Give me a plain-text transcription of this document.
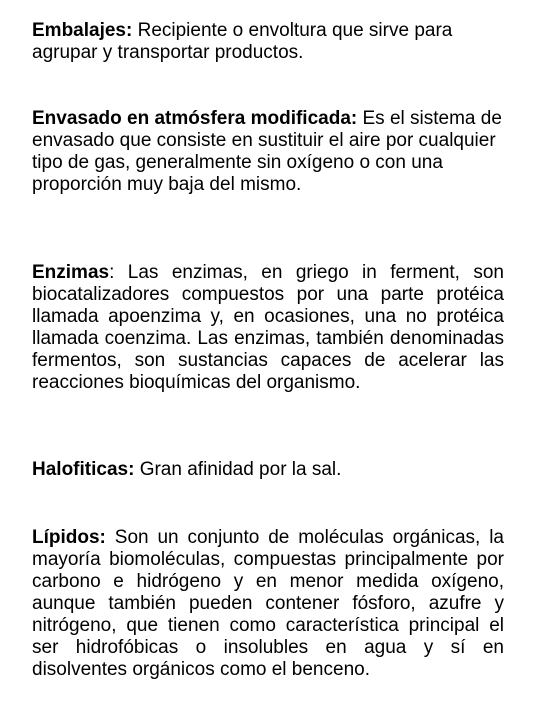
Embalajes: Recipiente o envoltura que sirve para agrupar y transportar productos.

Envasado en atmósfera modificada: Es el sistema de envasado que consiste en sustituir el aire por cualquier tipo de gas, generalmente sin oxígeno o con una proporción muy baja del mismo.

Enzimas: Las enzimas, en griego in ferment, son biocatalizadores compuestos por una parte protéica llamada apoenzima y, en ocasiones, una no protéica llamada coenzima. Las enzimas, también denominadas fermentos, son sustancias capaces de acelerar las reacciones bioquímicas del organismo.

Halofiticas: Gran afinidad por la sal.

Lípidos: Son un conjunto de moléculas orgánicas, la mayoría biomoléculas, compuestas principalmente por carbono e hidrógeno y en menor medida oxígeno, aunque también pueden contener fósforo, azufre y nitrógeno, que tienen como característica principal el ser hidrofóbicas o insolubles en agua y sí en disolventes orgánicos como el benceno.
